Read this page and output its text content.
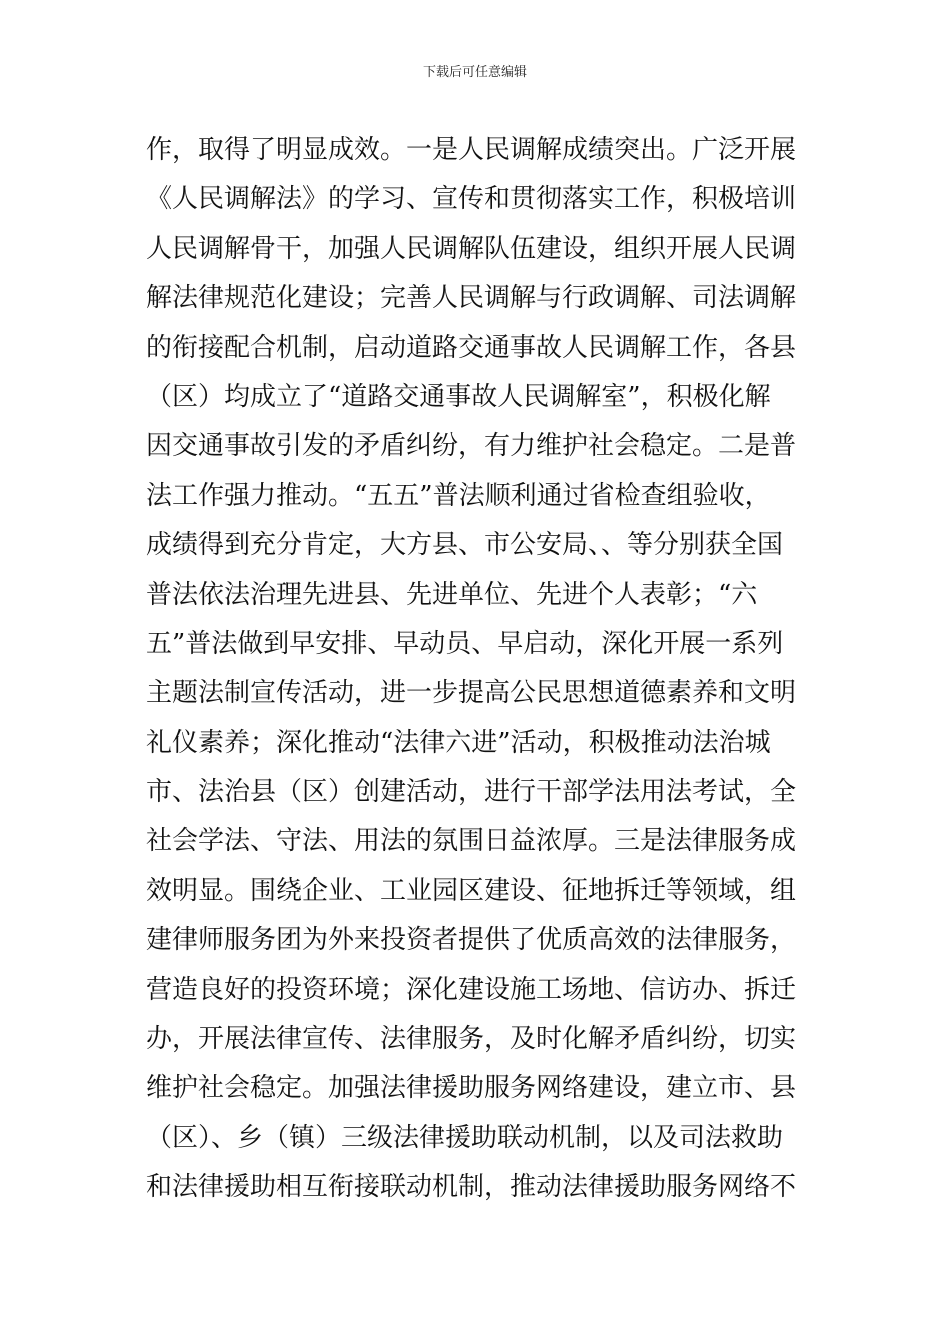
下载后可任意编辑
作，取得了明显成效。一是人民调解成绩突出。广泛开展
《人民调解法》的学习、宣传和贯彻落实工作，积极培训
人民调解骨干，加强人民调解队伍建设，组织开展人民调
解法律规范化建设；完善人民调解与行政调解、司法调解
的衔接配合机制，启动道路交通事故人民调解工作，各县
（区）均成立了“道路交通事故人民调解室”，积极化解
因交通事故引发的矛盾纠纷，有力维护社会稳定。二是普
法工作强力推动。“五五”普法顺利通过省检查组验收，
成绩得到充分肯定，大方县、市公安局、、等分别获全国
普法依法治理先进县、先进单位、先进个人表彰；“六
五”普法做到早安排、早动员、早启动，深化开展一系列
主题法制宣传活动，进一步提高公民思想道德素养和文明
礼仪素养；深化推动“法律六进”活动，积极推动法治城
市、法治县（区）创建活动，进行干部学法用法考试，全
社会学法、守法、用法的氛围日益浓厚。三是法律服务成
效明显。围绕企业、工业园区建设、征地拆迁等领域，组
建律师服务团为外来投资者提供了优质高效的法律服务，
营造良好的投资环境；深化建设施工场地、信访办、拆迁
办，开展法律宣传、法律服务，及时化解矛盾纠纷，切实
维护社会稳定。加强法律援助服务网络建设，建立市、县
（区）、乡（镇）三级法律援助联动机制，以及司法救助
和法律援助相互衔接联动机制，推动法律援助服务网络不
